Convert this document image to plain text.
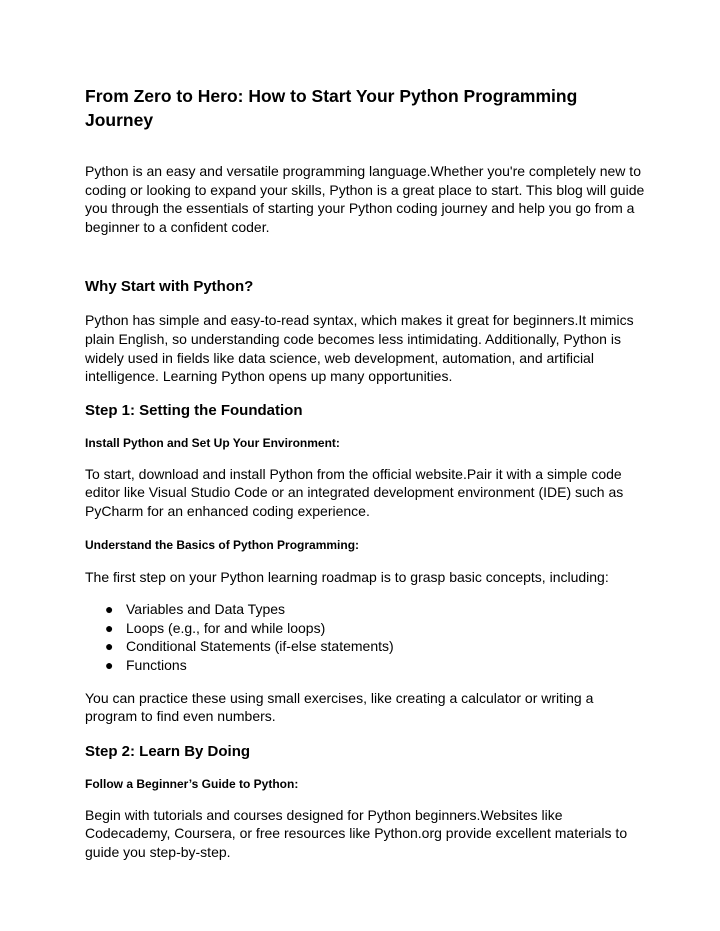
From Zero to Hero: How to Start Your Python Programming Journey

Python is an easy and versatile programming language.Whether you're completely new to coding or looking to expand your skills, Python is a great place to start. This blog will guide you through the essentials of starting your Python coding journey and help you go from a beginner to a confident coder.

Why Start with Python?

Python has simple and easy-to-read syntax, which makes it great for beginners.It mimics plain English, so understanding code becomes less intimidating. Additionally, Python is widely used in fields like data science, web development, automation, and artificial intelligence. Learning Python opens up many opportunities.

Step 1: Setting the Foundation
Install Python and Set Up Your Environment:

To start, download and install Python from the official website.Pair it with a simple code editor like Visual Studio Code or an integrated development environment (IDE) such as PyCharm for an enhanced coding experience.

Understand the Basics of Python Programming:

The first step on your Python learning roadmap is to grasp basic concepts, including:

● Variables and Data Types
● Loops (e.g., for and while loops)
● Conditional Statements (if-else statements)
● Functions

You can practice these using small exercises, like creating a calculator or writing a program to find even numbers.

Step 2: Learn By Doing
Follow a Beginner’s Guide to Python:

Begin with tutorials and courses designed for Python beginners.Websites like Codecademy, Coursera, or free resources like Python.org provide excellent materials to guide you step-by-step.
